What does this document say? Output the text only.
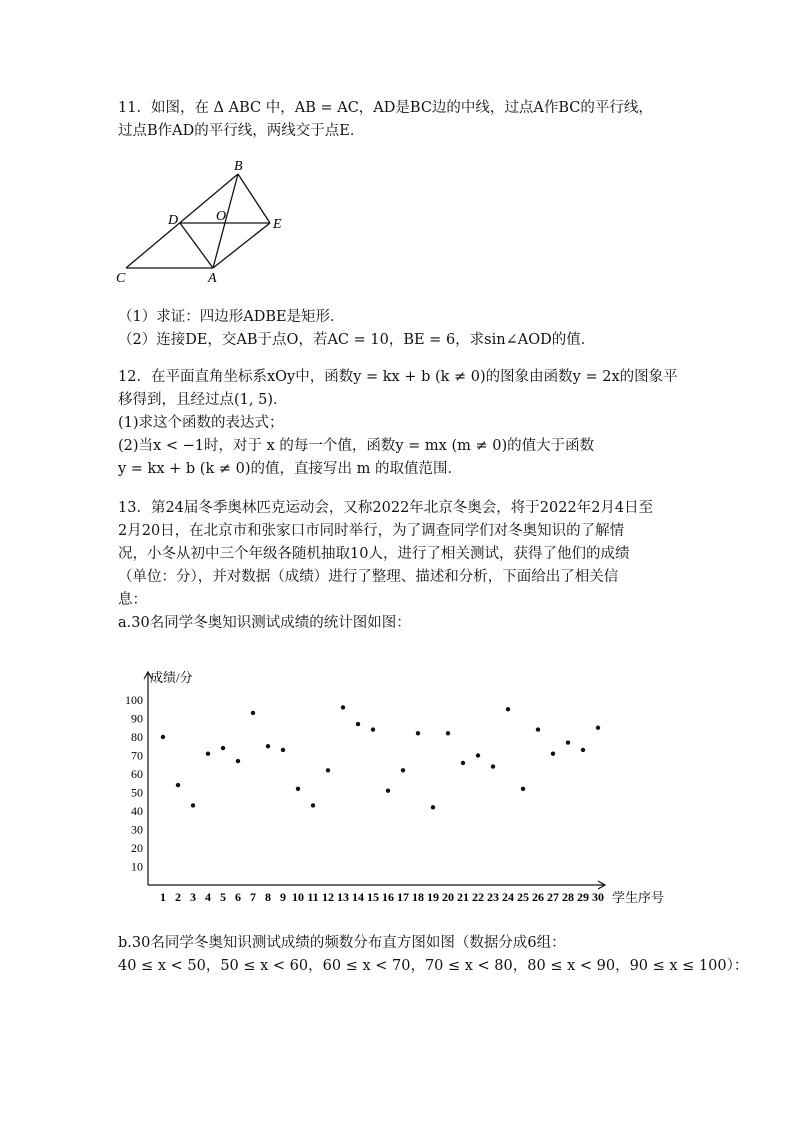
11．如图，在 Δ ABC 中，AB = AC，AD是BC边的中线，过点A作BC的平行线，
过点B作AD的平行线，两线交于点E．
B
D	O
E
C	A
（1）求证：四边形ADBE是矩形．
（2）连接DE，交AB于点O，若AC = 10，BE = 6，求sin∠AOD的值．
12．在平面直角坐标系xOy中，函数y = kx + b (k ≠ 0)的图象由函数y = 2x的图象平
移得到，且经过点(1, 5)．
(1)求这个函数的表达式；
(2)当x < −1时，对于 x 的每一个值，函数y = mx (m ≠ 0)的值大于函数
y = kx + b (k ≠ 0)的值，直接写出 m 的取值范围．
13．第24届冬季奥林匹克运动会，又称2022年北京冬奥会，将于2022年2月4日至
2月20日，在北京市和张家口市同时举行，为了调查同学们对冬奥知识的了解情
况，小冬从初中三个年级各随机抽取10人，进行了相关测试，获得了他们的成绩
（单位：分），并对数据（成绩）进行了整理、描述和分析，下面给出了相关信
息：
a.30名同学冬奥知识测试成绩的统计图如图：
10
20
30
40
50
60
70
80
90
100
1 2 3 4 5 6 7 8 9 10 11 12 13 14 15 16 17 18 19 20 21 22 23 24 25 26 27 28 29 30
成绩/分
学生序号
b.30名同学冬奥知识测试成绩的频数分布直方图如图（数据分成6组：
40 ≤ x < 50，50 ≤ x < 60，60 ≤ x < 70，70 ≤ x < 80，80 ≤ x < 90，90 ≤ x ≤ 100）：
